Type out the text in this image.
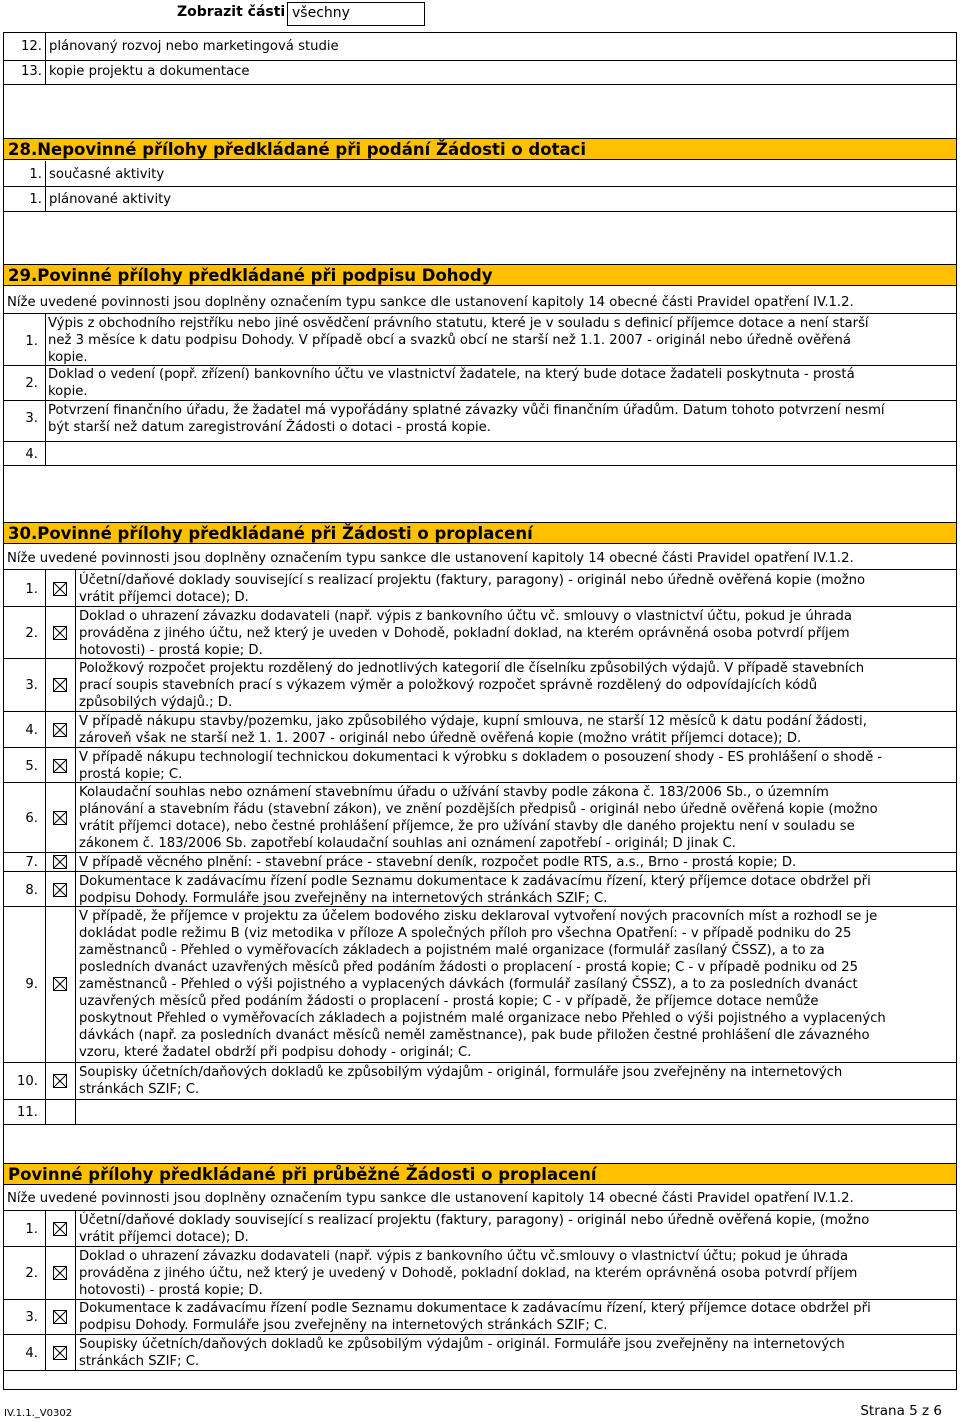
Zobrazit části všechny
12. plánovaný rozvoj nebo marketingová studie
13. kopie projektu a dokumentace
28.Nepovinné přílohy předkládané při podání Žádosti o dotaci
1. současné aktivity
1. plánované aktivity
29.Povinné přílohy předkládané při podpisu Dohody
Níže uvedené povinnosti jsou doplněny označením typu sankce dle ustanovení kapitoly 14 obecné části Pravidel opatření IV.1.2.
1.
Výpis z obchodního rejstříku nebo jiné osvědčení právního statutu, které je v souladu s definicí příjemce dotace a není starší
než 3 měsíce k datu podpisu Dohody. V případě obcí a svazků obcí ne starší než 1.1. 2007 - originál nebo úředně ověřená
kopie.
2.
Doklad o vedení (popř. zřízení) bankovního účtu ve vlastnictví žadatele, na který bude dotace žadateli poskytnuta - prostá
kopie.
3.
Potvrzení finančního úřadu, že žadatel má vypořádány splatné závazky vůči finančním úřadům. Datum tohoto potvrzení nesmí
být starší než datum zaregistrování Žádosti o dotaci - prostá kopie.
4.
30.Povinné přílohy předkládané při Žádosti o proplacení
Níže uvedené povinnosti jsou doplněny označením typu sankce dle ustanovení kapitoly 14 obecné části Pravidel opatření IV.1.2.
1.
Účetní/daňové doklady související s realizací projektu (faktury, paragony) - originál nebo úředně ověřená kopie (možno
vrátit příjemci dotace); D.
2.
Doklad o uhrazení závazku dodavateli (např. výpis z bankovního účtu vč. smlouvy o vlastnictví účtu, pokud je úhrada
prováděna z jiného účtu, než který je uveden v Dohodě, pokladní doklad, na kterém oprávněná osoba potvrdí příjem
hotovosti) - prostá kopie; D.
3.
Položkový rozpočet projektu rozdělený do jednotlivých kategorií dle číselníku způsobilých výdajů. V případě stavebních
prací soupis stavebních prací s výkazem výměr a položkový rozpočet správně rozdělený do odpovídajících kódů
způsobilých výdajů.; D.
4.
V případě nákupu stavby/pozemku, jako způsobilého výdaje, kupní smlouva, ne starší 12 měsíců k datu podání žádosti,
zároveň však ne starší než 1. 1. 2007 - originál nebo úředně ověřená kopie (možno vrátit příjemci dotace); D.
5.
V případě nákupu technologií technickou dokumentaci k výrobku s dokladem o posouzení shody - ES prohlášení o shodě -
prostá kopie; C.
6.
Kolaudační souhlas nebo oznámení stavebnímu úřadu o užívání stavby podle zákona č. 183/2006 Sb., o územním
plánování a stavebním řádu (stavební zákon), ve znění pozdějších předpisů - originál nebo úředně ověřená kopie (možno
vrátit příjemci dotace), nebo čestné prohlášení příjemce, že pro užívání stavby dle daného projektu není v souladu se
zákonem č. 183/2006 Sb. zapotřebí kolaudační souhlas ani oznámení zapotřebí - originál; D jinak C.
7.	V případě věcného plnění: - stavební práce - stavební deník, rozpočet podle RTS, a.s., Brno - prostá kopie; D.
8.
Dokumentace k zadávacímu řízení podle Seznamu dokumentace k zadávacímu řízení, který příjemce dotace obdržel při
podpisu Dohody. Formuláře jsou zveřejněny na internetových stránkách SZIF; C.
9.
V případě, že příjemce v projektu za účelem bodového zisku deklaroval vytvoření nových pracovních míst a rozhodl se je
dokládat podle režimu B (viz metodika v příloze A společných příloh pro všechna Opatření: - v případě podniku do 25
zaměstnanců - Přehled o vyměřovacích základech a pojistném malé organizace (formulář zasílaný ČSSZ), a to za
posledních dvanáct uzavřených měsíců před podáním žádosti o proplacení - prostá kopie; C - v případě podniku od 25
zaměstnanců - Přehled o výši pojistného a vyplacených dávkách (formulář zasílaný ČSSZ), a to za posledních dvanáct
uzavřených měsíců před podáním žádosti o proplacení - prostá kopie; C - v případě, že příjemce dotace nemůže
poskytnout Přehled o vyměřovacích základech a pojistném malé organizace nebo Přehled o výši pojistného a vyplacených
dávkách (např. za posledních dvanáct měsíců neměl zaměstnance), pak bude přiložen čestné prohlášení dle závazného
vzoru, které žadatel obdrží při podpisu dohody - originál; C.
10.
Soupisky účetních/daňových dokladů ke způsobilým výdajům - originál, formuláře jsou zveřejněny na internetových
stránkách SZIF; C.
11.
Povinné přílohy předkládané při průběžné Žádosti o proplacení
Níže uvedené povinnosti jsou doplněny označením typu sankce dle ustanovení kapitoly 14 obecné části Pravidel opatření IV.1.2.
1.
Účetní/daňové doklady související s realizací projektu (faktury, paragony) - originál nebo úředně ověřená kopie, (možno
vrátit příjemci dotace); D.
2.
Doklad o uhrazení závazku dodavateli (např. výpis z bankovního účtu vč.smlouvy o vlastnictví účtu; pokud je úhrada
prováděna z jiného účtu, než který je uvedený v Dohodě, pokladní doklad, na kterém oprávněná osoba potvrdí příjem
hotovosti) - prostá kopie; D.
3.
Dokumentace k zadávacímu řízení podle Seznamu dokumentace k zadávacímu řízení, který příjemce dotace obdržel při
podpisu Dohody. Formuláře jsou zveřejněny na internetových stránkách SZIF; C.
4.
Soupisky účetních/daňových dokladů ke způsobilým výdajům - originál. Formuláře jsou zveřejněny na internetových
stránkách SZIF; C.
IV.1.1._V0302	Strana 5 z 6
